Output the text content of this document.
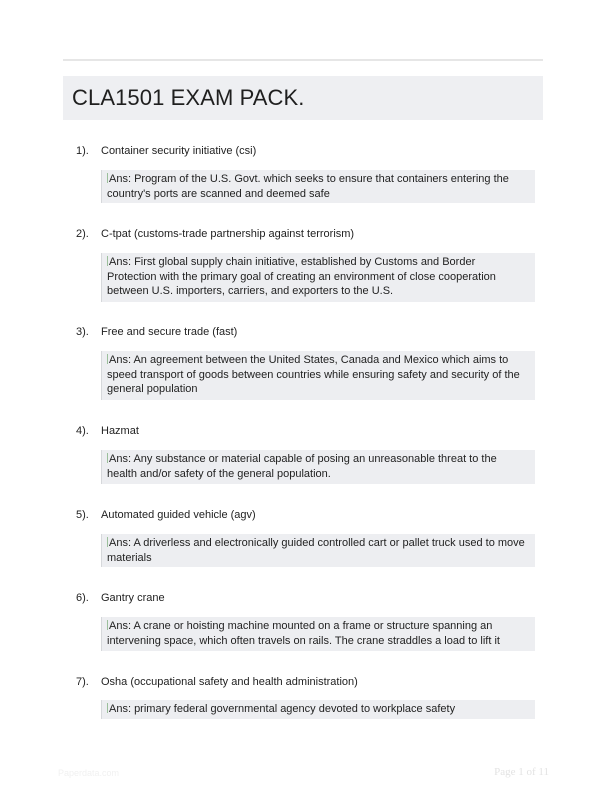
CLA1501 EXAM PACK.
1). Container security initiative (csi)
Ans: Program of the U.S. Govt. which seeks to ensure that containers entering the country's ports are scanned and deemed safe
2). C-tpat (customs-trade partnership against terrorism)
Ans: First global supply chain initiative, established by Customs and Border Protection with the primary goal of creating an environment of close cooperation between U.S. importers, carriers, and exporters to the U.S.
3). Free and secure trade (fast)
Ans: An agreement between the United States, Canada and Mexico which aims to speed transport of goods between countries while ensuring safety and security of the general population
4). Hazmat
Ans: Any substance or material capable of posing an unreasonable threat to the health and/or safety of the general population.
5). Automated guided vehicle (agv)
Ans: A driverless and electronically guided controlled cart or pallet truck used to move materials
6). Gantry crane
Ans: A crane or hoisting machine mounted on a frame or structure spanning an intervening space, which often travels on rails. The crane straddles a load to lift it
7). Osha (occupational safety and health administration)
Ans: primary federal governmental agency devoted to workplace safety
Paperdata.com	Page 1 of 11
